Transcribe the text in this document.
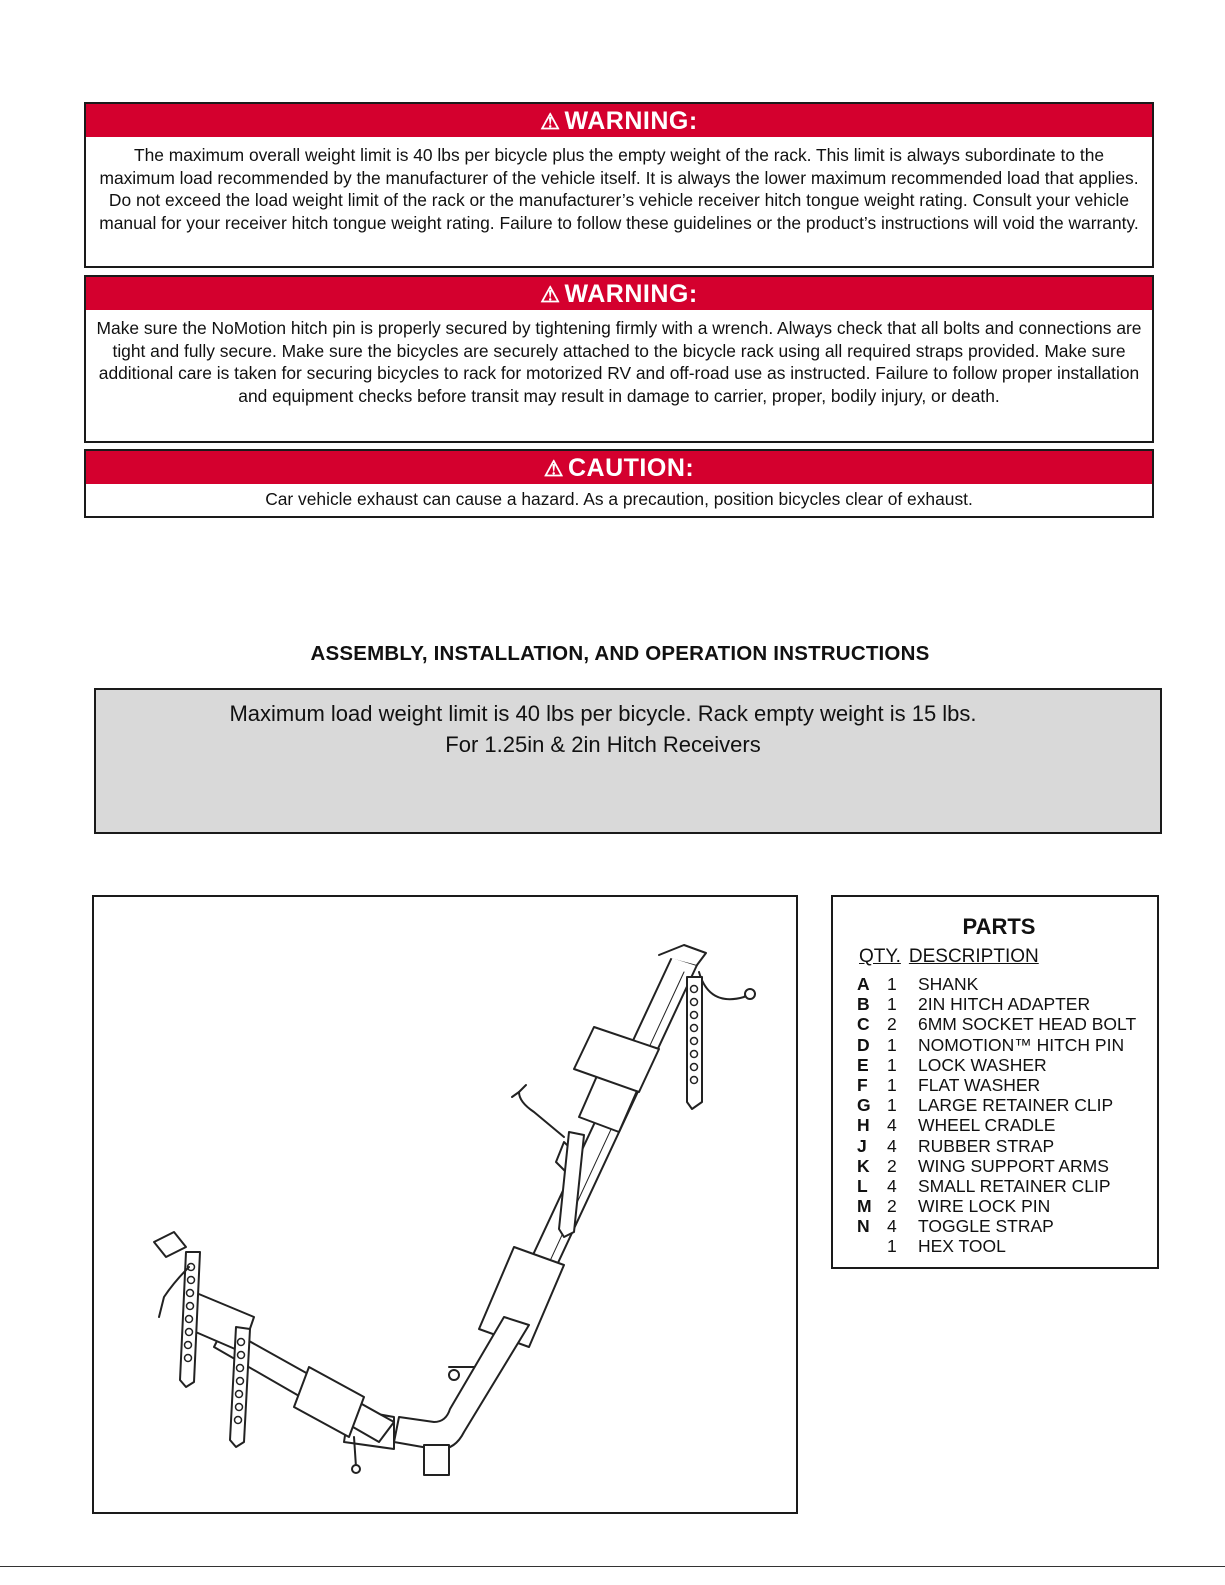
⚠ WARNING:
The maximum overall weight limit is 40 lbs per bicycle plus the empty weight of the rack. This limit is always subordinate to the maximum load recommended by the manufacturer of the vehicle itself. It is always the lower maximum recommended load that applies. Do not exceed the load weight limit of the rack or the manufacturer’s vehicle receiver hitch tongue weight rating. Consult your vehicle manual for your receiver hitch tongue weight rating. Failure to follow these guidelines or the product’s instructions will void the warranty.
⚠ WARNING:
Make sure the NoMotion hitch pin is properly secured by tightening firmly with a wrench. Always check that all bolts and connections are tight and fully secure. Make sure the bicycles are securely attached to the bicycle rack using all required straps provided. Make sure additional care is taken for securing bicycles to rack for motorized RV and off-road use as instructed. Failure to follow proper installation and equipment checks before transit may result in damage to carrier, proper, bodily injury, or death.
⚠ CAUTION:
Car vehicle exhaust can cause a hazard. As a precaution, position bicycles clear of exhaust.
ASSEMBLY, INSTALLATION, AND OPERATION INSTRUCTIONS
Maximum load weight limit is 40 lbs per bicycle. Rack empty weight is 15 lbs.
For 1.25in & 2in Hitch Receivers
PARTS
QTY. DESCRIPTION
A 1 SHANK
B 1 2IN HITCH ADAPTER
C 2 6MM SOCKET HEAD BOLT
D 1 NOMOTION™ HITCH PIN
E 1 LOCK WASHER
F 1 FLAT WASHER
G 1 LARGE RETAINER CLIP
H 4 WHEEL CRADLE
J 4 RUBBER STRAP
K 2 WING SUPPORT ARMS
L 4 SMALL RETAINER CLIP
M 2 WIRE LOCK PIN
N 4 TOGGLE STRAP
1 HEX TOOL
